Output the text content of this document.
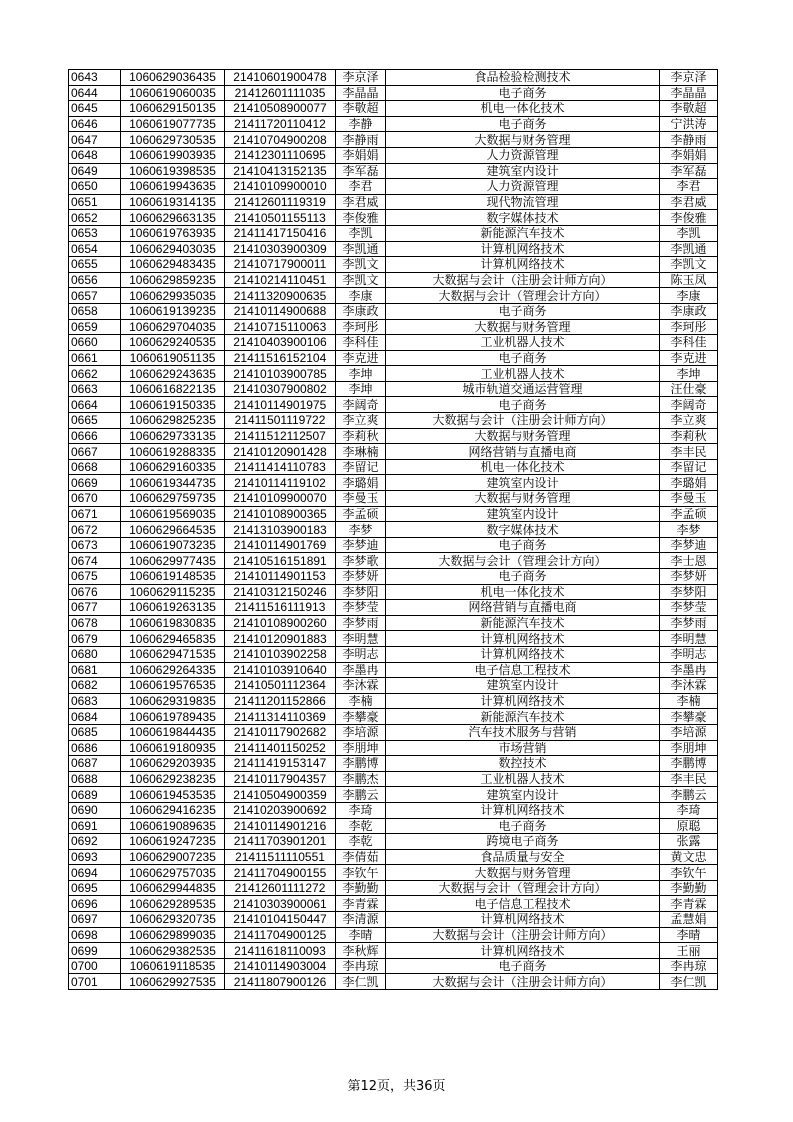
0643	1060629036435	21410601900478	李京泽	食品检验检测技术	李京泽
0644	1060619060035	21412601111035	李晶晶	电子商务	李晶晶
0645	1060629150135	21410508900077	李敬超	机电一体化技术	李敬超
0646	1060619077735	21411720110412	李静	电子商务	宁洪涛
0647	1060629730535	21410704900208	李静雨	大数据与财务管理	李静雨
0648	1060619903935	21412301110695	李娟娟	人力资源管理	李娟娟
0649	1060619398535	21410413152135	李军磊	建筑室内设计	李军磊
0650	1060619943635	21410109900010	李君	人力资源管理	李君
0651	1060619314135	21412601119319	李君威	现代物流管理	李君威
0652	1060629663135	21410501155113	李俊雅	数字媒体技术	李俊雅
0653	1060619763935	21411417150416	李凯	新能源汽车技术	李凯
0654	1060629403035	21410303900309	李凯通	计算机网络技术	李凯通
0655	1060629483435	21410717900011	李凯文	计算机网络技术	李凯文
0656	1060629859235	21410214110451	李凯文	大数据与会计（注册会计师方向）	陈玉凤
0657	1060629935035	21411320900635	李康	大数据与会计（管理会计方向）	李康
0658	1060619139235	21410114900688	李康政	电子商务	李康政
0659	1060629704035	21410715110063	李珂彤	大数据与财务管理	李珂彤
0660	1060629240535	21410403900106	李科佳	工业机器人技术	李科佳
0661	1060619051135	21411516152104	李克进	电子商务	李克进
0662	1060629243635	21410103900785	李坤	工业机器人技术	李坤
0663	1060616822135	21410307900802	李坤	城市轨道交通运营管理	汪仕豪
0664	1060619150335	21410114901975	李阔奇	电子商务	李阔奇
0665	1060629825235	21411501119722	李立爽	大数据与会计（注册会计师方向）	李立爽
0666	1060629733135	21411512112507	李莉秋	大数据与财务管理	李莉秋
0667	1060619288335	21410120901428	李琳楠	网络营销与直播电商	李丰民
0668	1060629160335	21411414110783	李留记	机电一体化技术	李留记
0669	1060619344735	21410114119102	李璐娟	建筑室内设计	李璐娟
0670	1060629759735	21410109900070	李曼玉	大数据与财务管理	李曼玉
0671	1060619569035	21410108900365	李孟硕	建筑室内设计	李孟硕
0672	1060629664535	21413103900183	李梦	数字媒体技术	李梦
0673	1060619073235	21410114901769	李梦迪	电子商务	李梦迪
0674	1060629977435	21410516151891	李梦歌	大数据与会计（管理会计方向）	李士恩
0675	1060619148535	21410114901153	李梦妍	电子商务	李梦妍
0676	1060629115235	21410312150246	李梦阳	机电一体化技术	李梦阳
0677	1060619263135	21411516111913	李梦莹	网络营销与直播电商	李梦莹
0678	1060619830835	21410108900260	李梦雨	新能源汽车技术	李梦雨
0679	1060629465835	21410120901883	李明慧	计算机网络技术	李明慧
0680	1060629471535	21410103902258	李明志	计算机网络技术	李明志
0681	1060629264335	21410103910640	李墨冉	电子信息工程技术	李墨冉
0682	1060619576535	21410501112364	李沐霖	建筑室内设计	李沐霖
0683	1060629319835	21411201152866	李楠	计算机网络技术	李楠
0684	1060619789435	21411314110369	李攀豪	新能源汽车技术	李攀豪
0685	1060619844435	21410117902682	李培源	汽车技术服务与营销	李培源
0686	1060619180935	21411401150252	李朋坤	市场营销	李朋坤
0687	1060629203935	21411419153147	李鹏博	数控技术	李鹏博
0688	1060629238235	21410117904357	李鹏杰	工业机器人技术	李丰民
0689	1060619453535	21410504900359	李鹏云	建筑室内设计	李鹏云
0690	1060629416235	21410203900692	李琦	计算机网络技术	李琦
0691	1060619089635	21410114901216	李乾	电子商务	原聪
0692	1060619247235	21411703901201	李乾	跨境电子商务	张露
0693	1060629007235	21411511110551	李倩茹	食品质量与安全	黄文忠
0694	1060629757035	21411704900155	李钦午	大数据与财务管理	李钦午
0695	1060629944835	21412601111272	李勤勤	大数据与会计（管理会计方向）	李勤勤
0696	1060629289535	21410303900061	李青霖	电子信息工程技术	李青霖
0697	1060629320735	21410104150447	李清源	计算机网络技术	孟慧娟
0698	1060629899035	21411704900125	李晴	大数据与会计（注册会计师方向）	李晴
0699	1060629382535	21411618110093	李秋辉	计算机网络技术	王丽
0700	1060619118535	21410114903004	李冉琼	电子商务	李冉琼
0701	1060629927535	21411807900126	李仁凯	大数据与会计（注册会计师方向）	李仁凯
第12页，共36页
